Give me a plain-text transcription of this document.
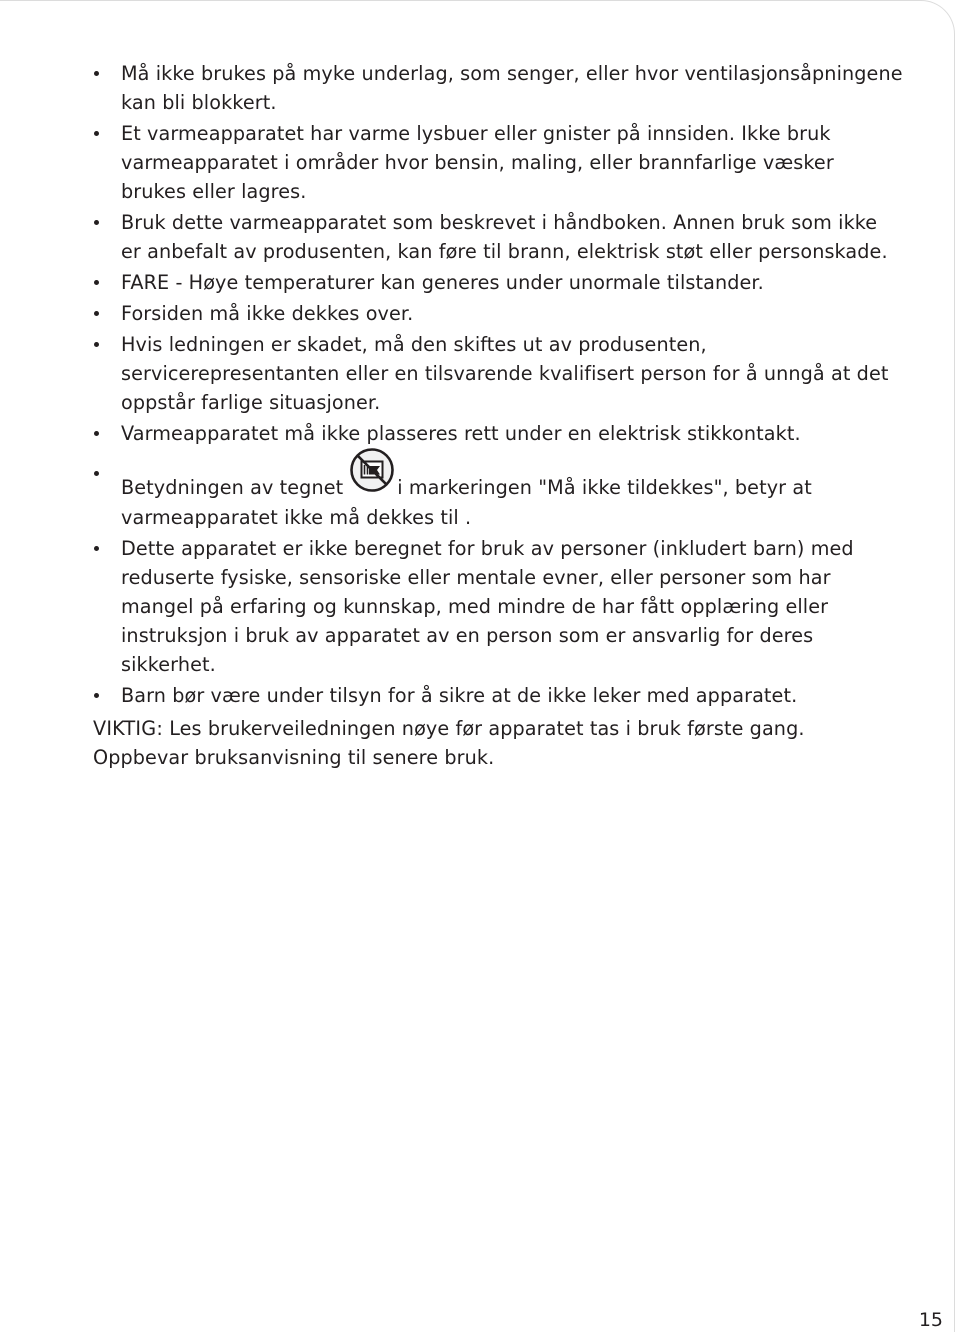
Må ikke brukes på myke underlag, som senger, eller hvor ventilasjonsåpningene kan bli blokkert.
Et varmeapparatet har varme lysbuer eller gnister på innsiden. Ikke bruk varmeapparatet i områder hvor bensin, maling, eller brannfarlige væsker brukes eller lagres.
Bruk dette varmeapparatet som beskrevet i håndboken. Annen bruk som ikke er anbefalt av produsenten, kan føre til brann, elektrisk støt eller personskade.
FARE - Høye temperaturer kan generes under unormale tilstander.
Forsiden må ikke dekkes over.
Hvis ledningen er skadet, må den skiftes ut av produsenten, servicerepresentanten eller en tilsvarende kvalifisert person for å unngå at det oppstår farlige situasjoner.
Varmeapparatet må ikke plasseres rett under en elektrisk stikkontakt.
Betydningen av tegnet	i markeringen "Må ikke tildekkes", betyr at varmeapparatet ikke må dekkes til .
Dette apparatet er ikke beregnet for bruk av personer (inkludert barn) med reduserte fysiske, sensoriske eller mentale evner, eller personer som har mangel på erfaring og kunnskap, med mindre de har fått opplæring eller instruksjon i bruk av apparatet av en person som er ansvarlig for deres sikkerhet.
Barn bør være under tilsyn for å sikre at de ikke leker med apparatet.
VIKTIG: Les brukerveiledningen nøye før apparatet tas i bruk første gang. Oppbevar bruksanvisning til senere bruk.
15
